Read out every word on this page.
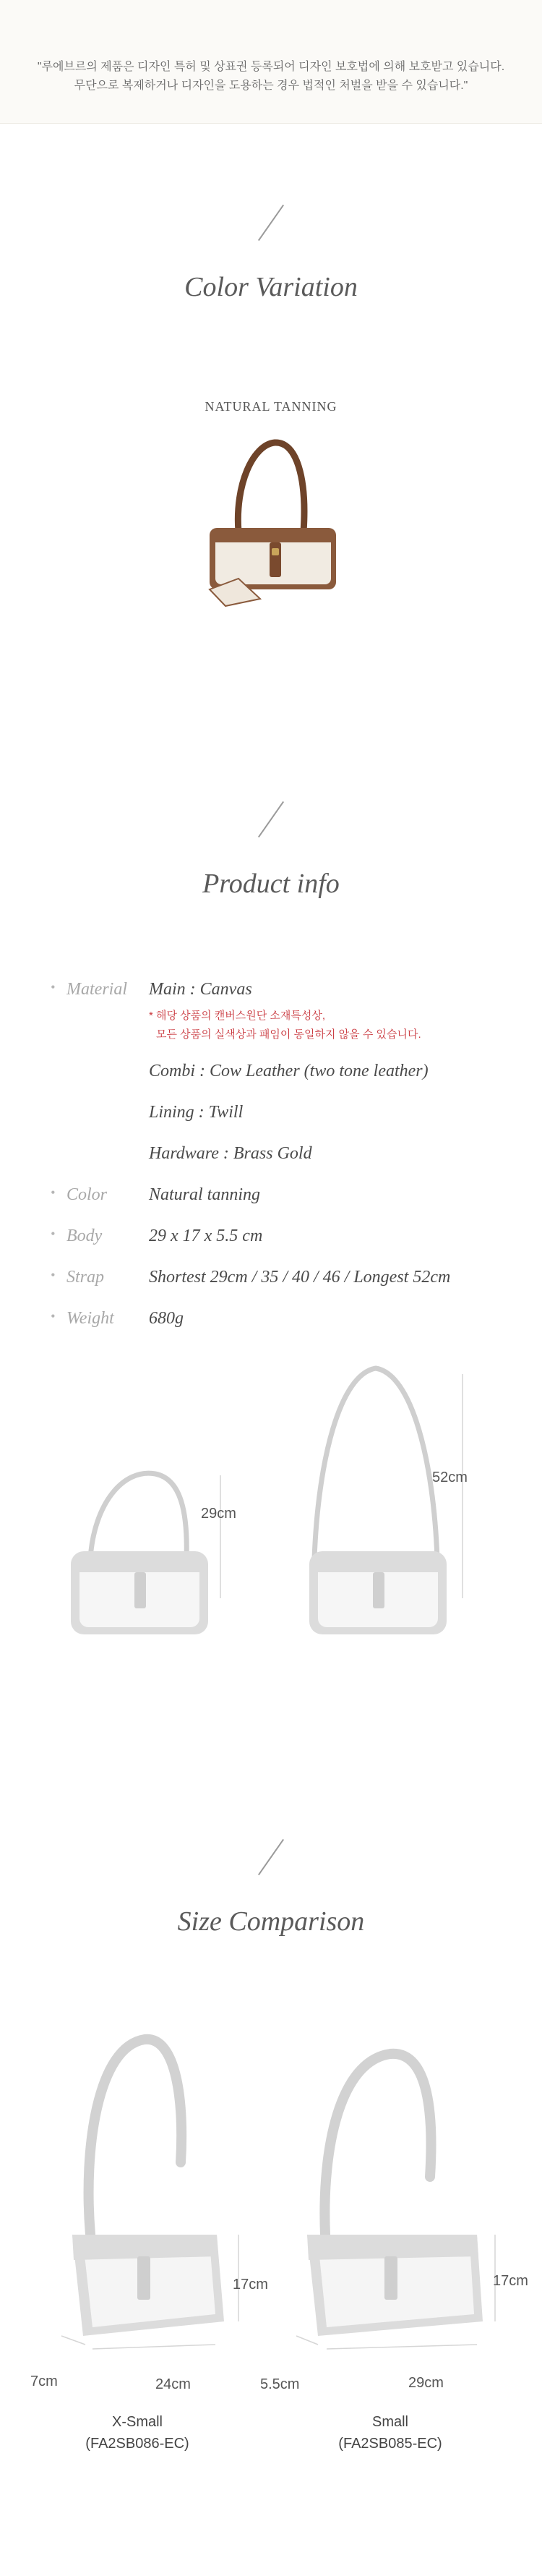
"루에브르의 제품은 디자인 특허 및 상표권 등록되어 디자인 보호법에 의해 보호받고 있습니다.
무단으로 복제하거나 디자인을 도용하는 경우 법적인 처벌을 받을 수 있습니다."
Color Variation
NATURAL TANNING
Product info
• Material Main : Canvas
* 해당 상품의 캔버스원단 소재특성상,
모든 상품의 실색상과 패임이 동일하지 않을 수 있습니다.
Combi : Cow Leather (two tone leather)
Lining : Twill
Hardware : Brass Gold
• Color Natural tanning
• Body	29 x 17 x 5.5 cm
• Strap	Shortest 29cm / 35 / 40 / 46 / Longest 52cm
• Weight 680g
29cm
52cm
Size Comparison
17cm
7cm	24cm
X-Small
(FA2SB086-EC)
17cm
5.5cm	29cm
Small
(FA2SB085-EC)
